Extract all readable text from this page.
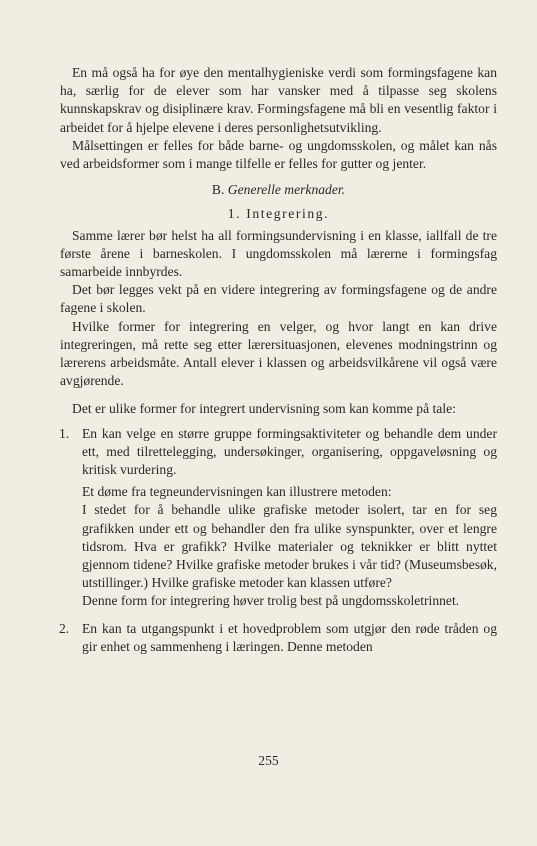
En må også ha for øye den mentalhygieniske verdi som formingsfagene kan ha, særlig for de elever som har vansker med å tilpasse seg skolens kunnskapskrav og disiplinære krav. Formingsfagene må bli en vesentlig faktor i arbeidet for å hjelpe elevene i deres personlighetsutvikling.

Målsettingen er felles for både barne- og ungdomsskolen, og målet kan nås ved arbeidsformer som i mange tilfelle er felles for gutter og jenter.

B. Generelle merknader.

1. Integrering.

Samme lærer bør helst ha all formingsundervisning i en klasse, iallfall de tre første årene i barneskolen. I ungdomsskolen må lærerne i formingsfag samarbeide innbyrdes.

Det bør legges vekt på en videre integrering av formingsfagene og de andre fagene i skolen.

Hvilke former for integrering en velger, og hvor langt en kan drive integreringen, må rette seg etter lærersituasjonen, elevenes modningstrinn og lærerens arbeidsmåte. Antall elever i klassen og arbeidsvilkårene vil også være avgjørende.

Det er ulike former for integrert undervisning som kan komme på tale:

1. En kan velge en større gruppe formingsaktiviteter og behandle dem under ett, med tilrettelegging, undersøkinger, organisering, oppgaveløsning og kritisk vurdering.

Et døme fra tegneundervisningen kan illustrere metoden:

I stedet for å behandle ulike grafiske metoder isolert, tar en for seg grafikken under ett og behandler den fra ulike synspunkter, over et lengre tidsrom. Hva er grafikk? Hvilke materialer og teknikker er blitt nyttet gjennom tidene? Hvilke grafiske metoder brukes i vår tid? (Museumsbesøk, utstillinger.) Hvilke grafiske metoder kan klassen utføre?

Denne form for integrering høver trolig best på ungdomsskoletrinnet.

2. En kan ta utgangspunkt i et hovedproblem som utgjør den røde tråden og gir enhet og sammenheng i læringen. Denne metoden

255
